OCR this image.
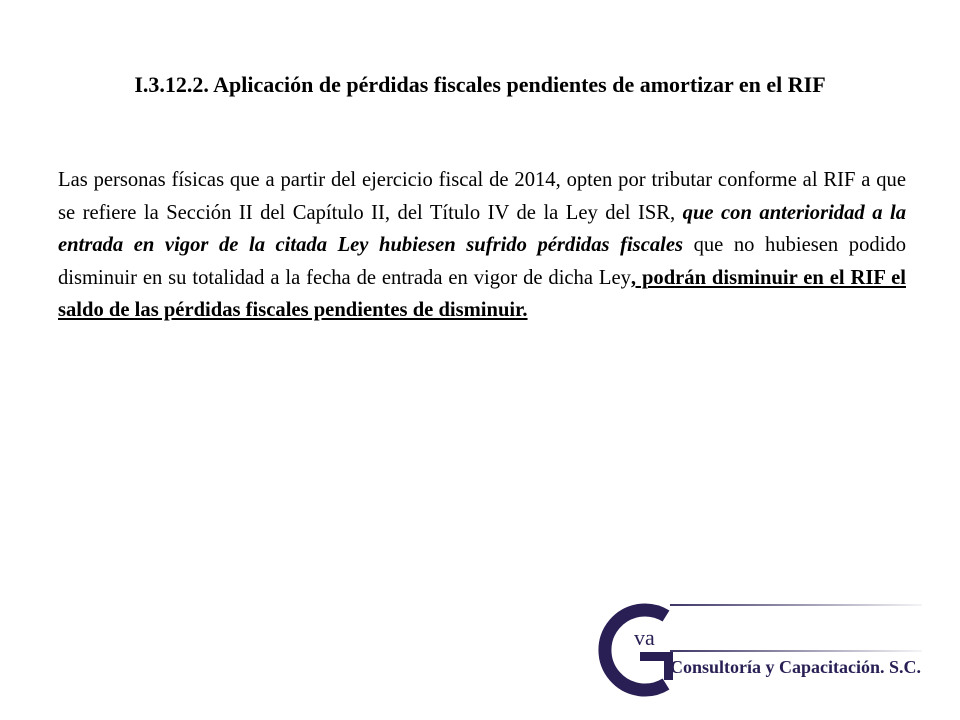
I.3.12.2. Aplicación de pérdidas fiscales pendientes de amortizar en el RIF
Las personas físicas que a partir del ejercicio fiscal de 2014, opten por tributar conforme al RIF a que se refiere la Sección II del Capítulo II, del Título IV de la Ley del ISR, que con anterioridad a la entrada en vigor de la citada Ley hubiesen sufrido pérdidas fiscales que no hubiesen podido disminuir en su totalidad a la fecha de entrada en vigor de dicha Ley, podrán disminuir en el RIF el saldo de las pérdidas fiscales pendientes de disminuir.
va
Consultoría y Capacitación. S.C.
